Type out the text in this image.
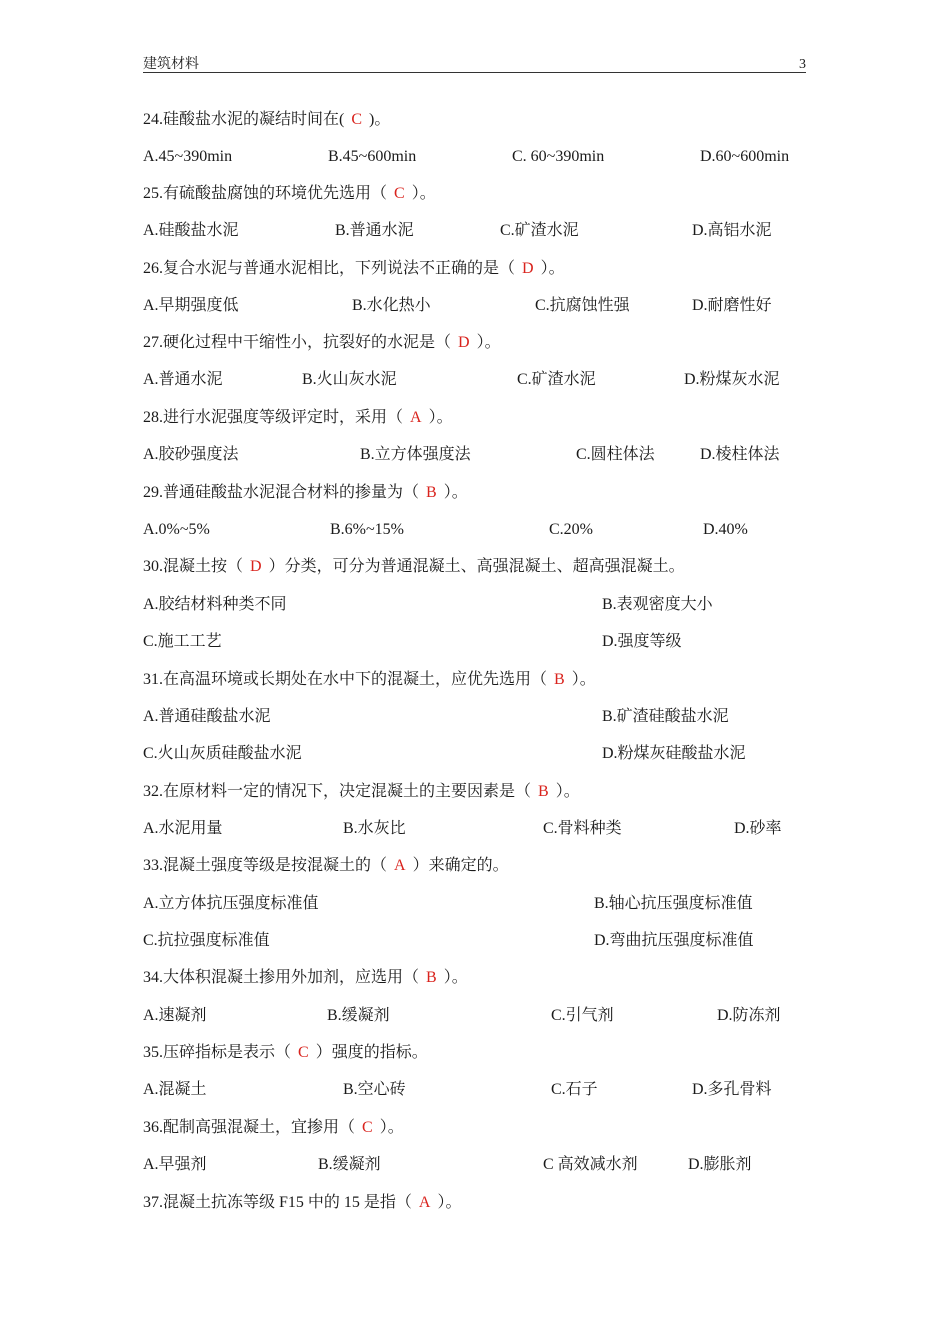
建筑材料	3
24.硅酸盐水泥的凝结时间在( C )。
A.45~390min	B.45~600min	C. 60~390min	D.60~600min
25.有硫酸盐腐蚀的环境优先选用（ C ）。
A.硅酸盐水泥	B.普通水泥	C.矿渣水泥	D.高铝水泥
26.复合水泥与普通水泥相比，下列说法不正确的是（ D ）。
A.早期强度低	B.水化热小	C.抗腐蚀性强	D.耐磨性好
27.硬化过程中干缩性小，抗裂好的水泥是（ D ）。
A.普通水泥	B.火山灰水泥	C.矿渣水泥	D.粉煤灰水泥
28.进行水泥强度等级评定时，采用（ A ）。
A.胶砂强度法	B.立方体强度法	C.圆柱体法	D.棱柱体法
29.普通硅酸盐水泥混合材料的掺量为（ B ）。
A.0%~5%	B.6%~15%	C.20%	D.40%
30.混凝土按（ D ）分类，可分为普通混凝土、高强混凝土、超高强混凝土。
A.胶结材料种类不同	B.表观密度大小
C.施工工艺	D.强度等级
31.在高温环境或长期处在水中下的混凝土，应优先选用（ B ）。
A.普通硅酸盐水泥	B.矿渣硅酸盐水泥
C.火山灰质硅酸盐水泥	D.粉煤灰硅酸盐水泥
32.在原材料一定的情况下，决定混凝土的主要因素是（ B ）。
A.水泥用量	B.水灰比	C.骨料种类	D.砂率
33.混凝土强度等级是按混凝土的（ A ）来确定的。
A.立方体抗压强度标准值	B.轴心抗压强度标准值
C.抗拉强度标准值	D.弯曲抗压强度标准值
34.大体积混凝土掺用外加剂，应选用（ B ）。
A.速凝剂	B.缓凝剂	C.引气剂	D.防冻剂
35.压碎指标是表示（ C ）强度的指标。
A.混凝土	B.空心砖	C.石子	D.多孔骨料
36.配制高强混凝土，宜掺用（ C ）。
A.早强剂	B.缓凝剂	C 高效减水剂	D.膨胀剂
37.混凝土抗冻等级 F15 中的 15 是指（ A ）。
